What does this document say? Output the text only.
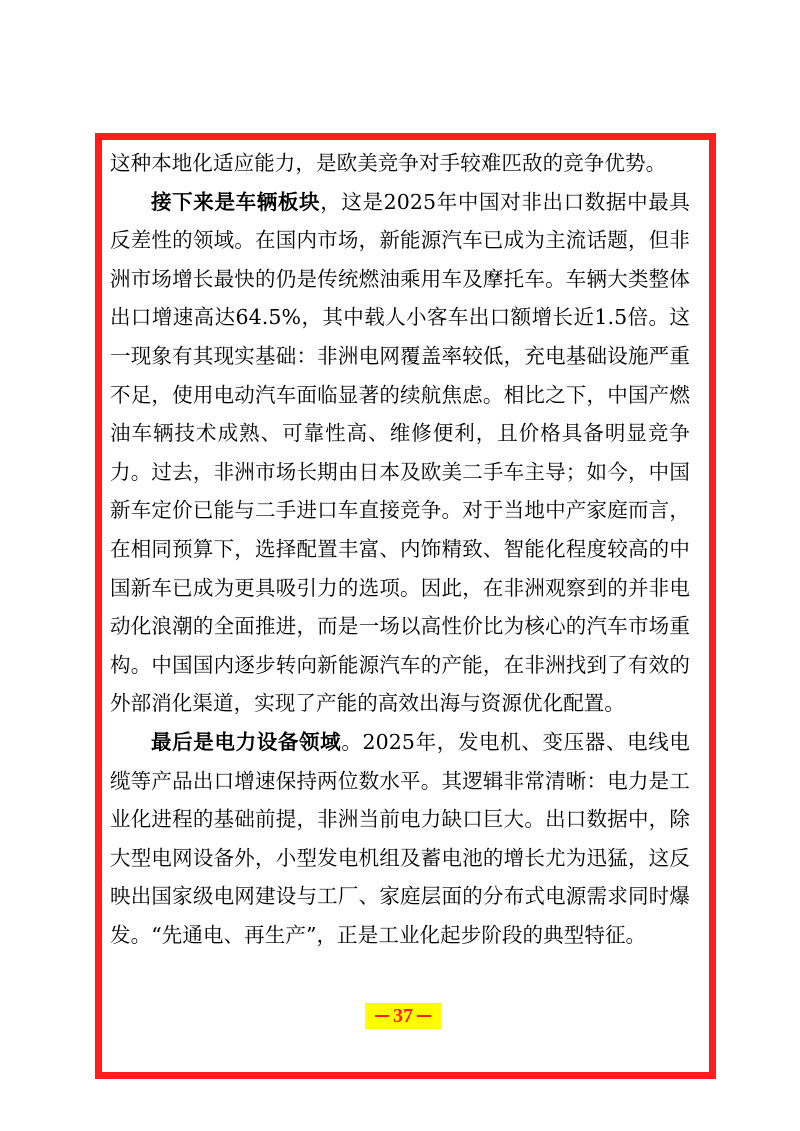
这种本地化适应能力，是欧美竞争对手较难匹敌的竞争优势。

接下来是车辆板块，这是2025年中国对非出口数据中最具反差性的领域。在国内市场，新能源汽车已成为主流话题，但非洲市场增长最快的仍是传统燃油乘用车及摩托车。车辆大类整体出口增速高达64.5%，其中载人小客车出口额增长近1.5倍。这一现象有其现实基础：非洲电网覆盖率较低，充电基础设施严重不足，使用电动汽车面临显著的续航焦虑。相比之下，中国产燃油车辆技术成熟、可靠性高、维修便利，且价格具备明显竞争力。过去，非洲市场长期由日本及欧美二手车主导；如今，中国新车定价已能与二手进口车直接竞争。对于当地中产家庭而言，在相同预算下，选择配置丰富、内饰精致、智能化程度较高的中国新车已成为更具吸引力的选项。因此，在非洲观察到的并非电动化浪潮的全面推进，而是一场以高性价比为核心的汽车市场重构。中国国内逐步转向新能源汽车的产能，在非洲找到了有效的外部消化渠道，实现了产能的高效出海与资源优化配置。

最后是电力设备领域。2025年，发电机、变压器、电线电缆等产品出口增速保持两位数水平。其逻辑非常清晰：电力是工业化进程的基础前提，非洲当前电力缺口巨大。出口数据中，除大型电网设备外，小型发电机组及蓄电池的增长尤为迅猛，这反映出国家级电网建设与工厂、家庭层面的分布式电源需求同时爆发。“先通电、再生产”，正是工业化起步阶段的典型特征。

37
